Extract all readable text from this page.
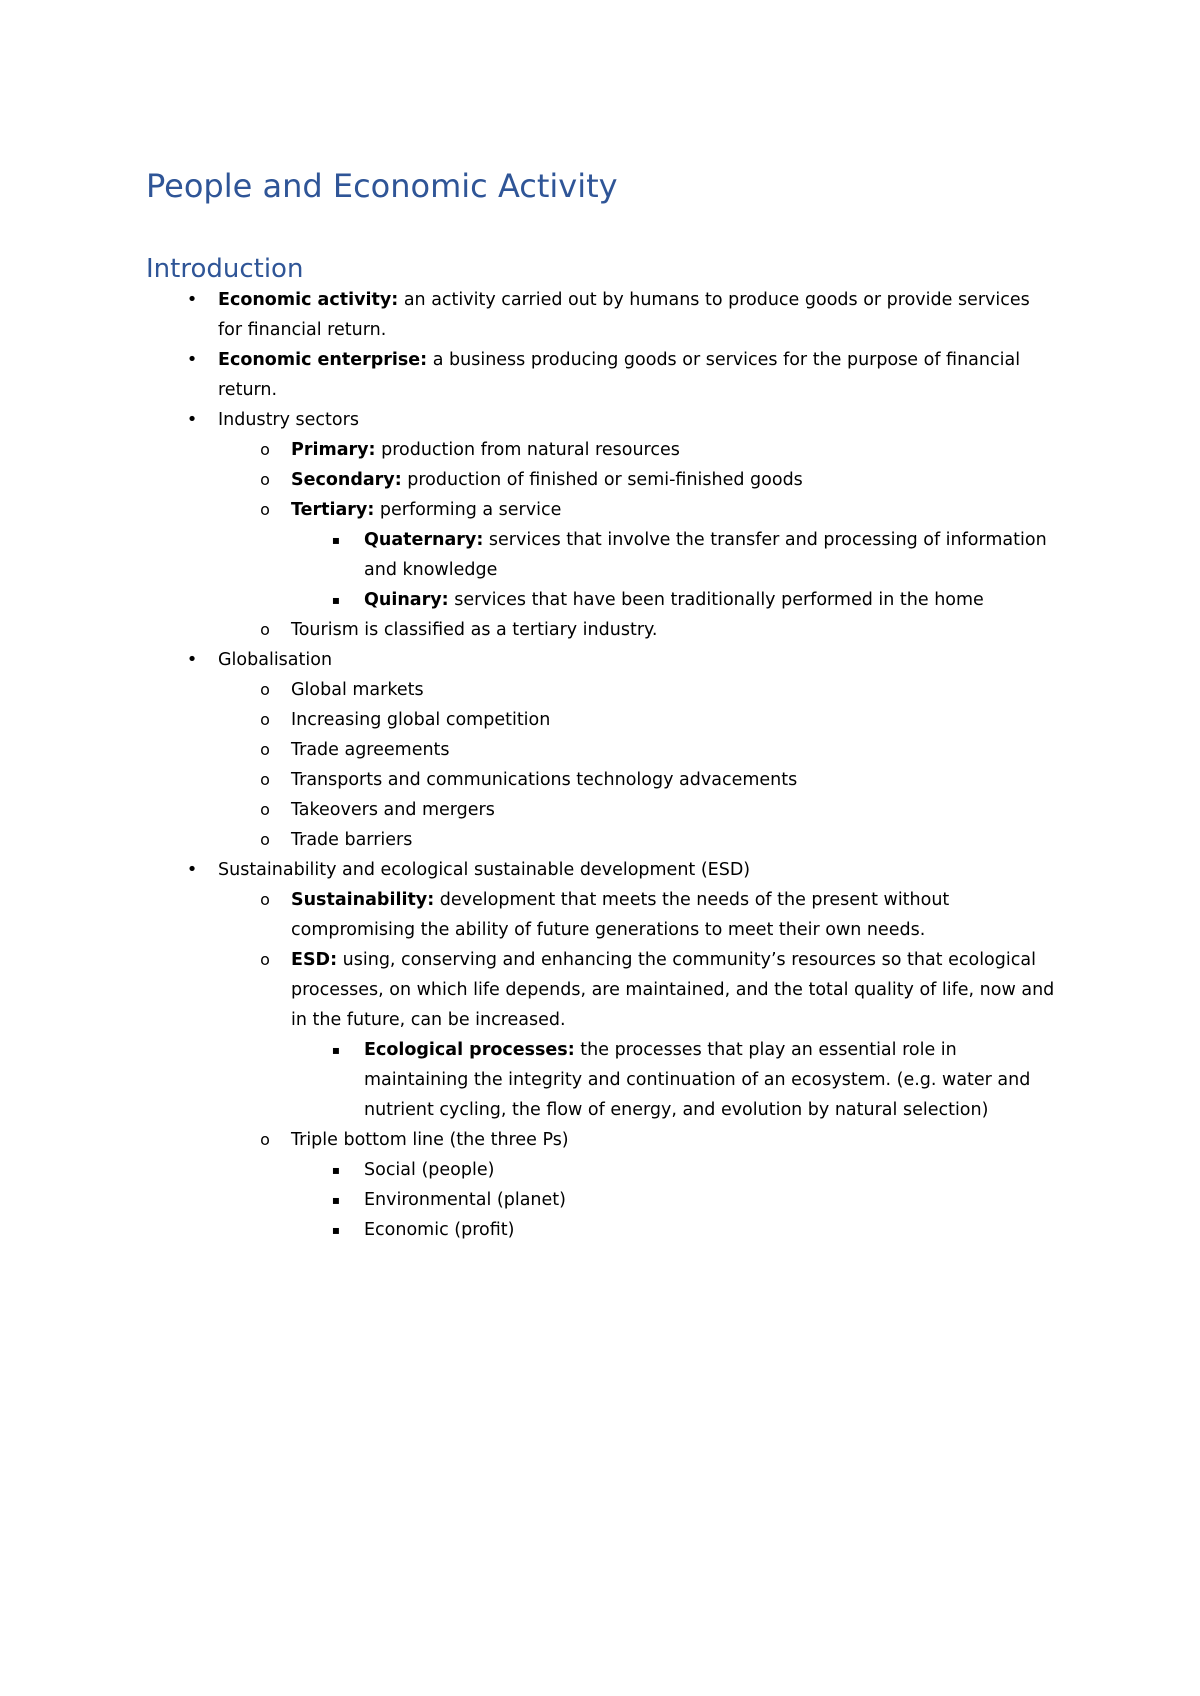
People and Economic Activity
Introduction
• Economic activity: an activity carried out by humans to produce goods or provide services for financial return.
• Economic enterprise: a business producing goods or services for the purpose of financial return.
• Industry sectors
o Primary: production from natural resources
o Secondary: production of finished or semi-finished goods
o Tertiary: performing a service
▪	Quaternary: services that involve the transfer and processing of information and knowledge
▪	Quinary: services that have been traditionally performed in the home
o Tourism is classified as a tertiary industry.
• Globalisation
o Global markets
o Increasing global competition
o Trade agreements
o Transports and communications technology advacements
o Takeovers and mergers
o Trade barriers
• Sustainability and ecological sustainable development (ESD)
o Sustainability: development that meets the needs of the present without compromising the ability of future generations to meet their own needs.
o ESD: using, conserving and enhancing the community’s resources so that ecological processes, on which life depends, are maintained, and the total quality of life, now and in the future, can be increased.
▪	Ecological processes: the processes that play an essential role in maintaining the integrity and continuation of an ecosystem. (e.g. water and nutrient cycling, the flow of energy, and evolution by natural selection)
o Triple bottom line (the three Ps)
▪	Social (people)
▪	Environmental (planet)
▪	Economic (profit)
